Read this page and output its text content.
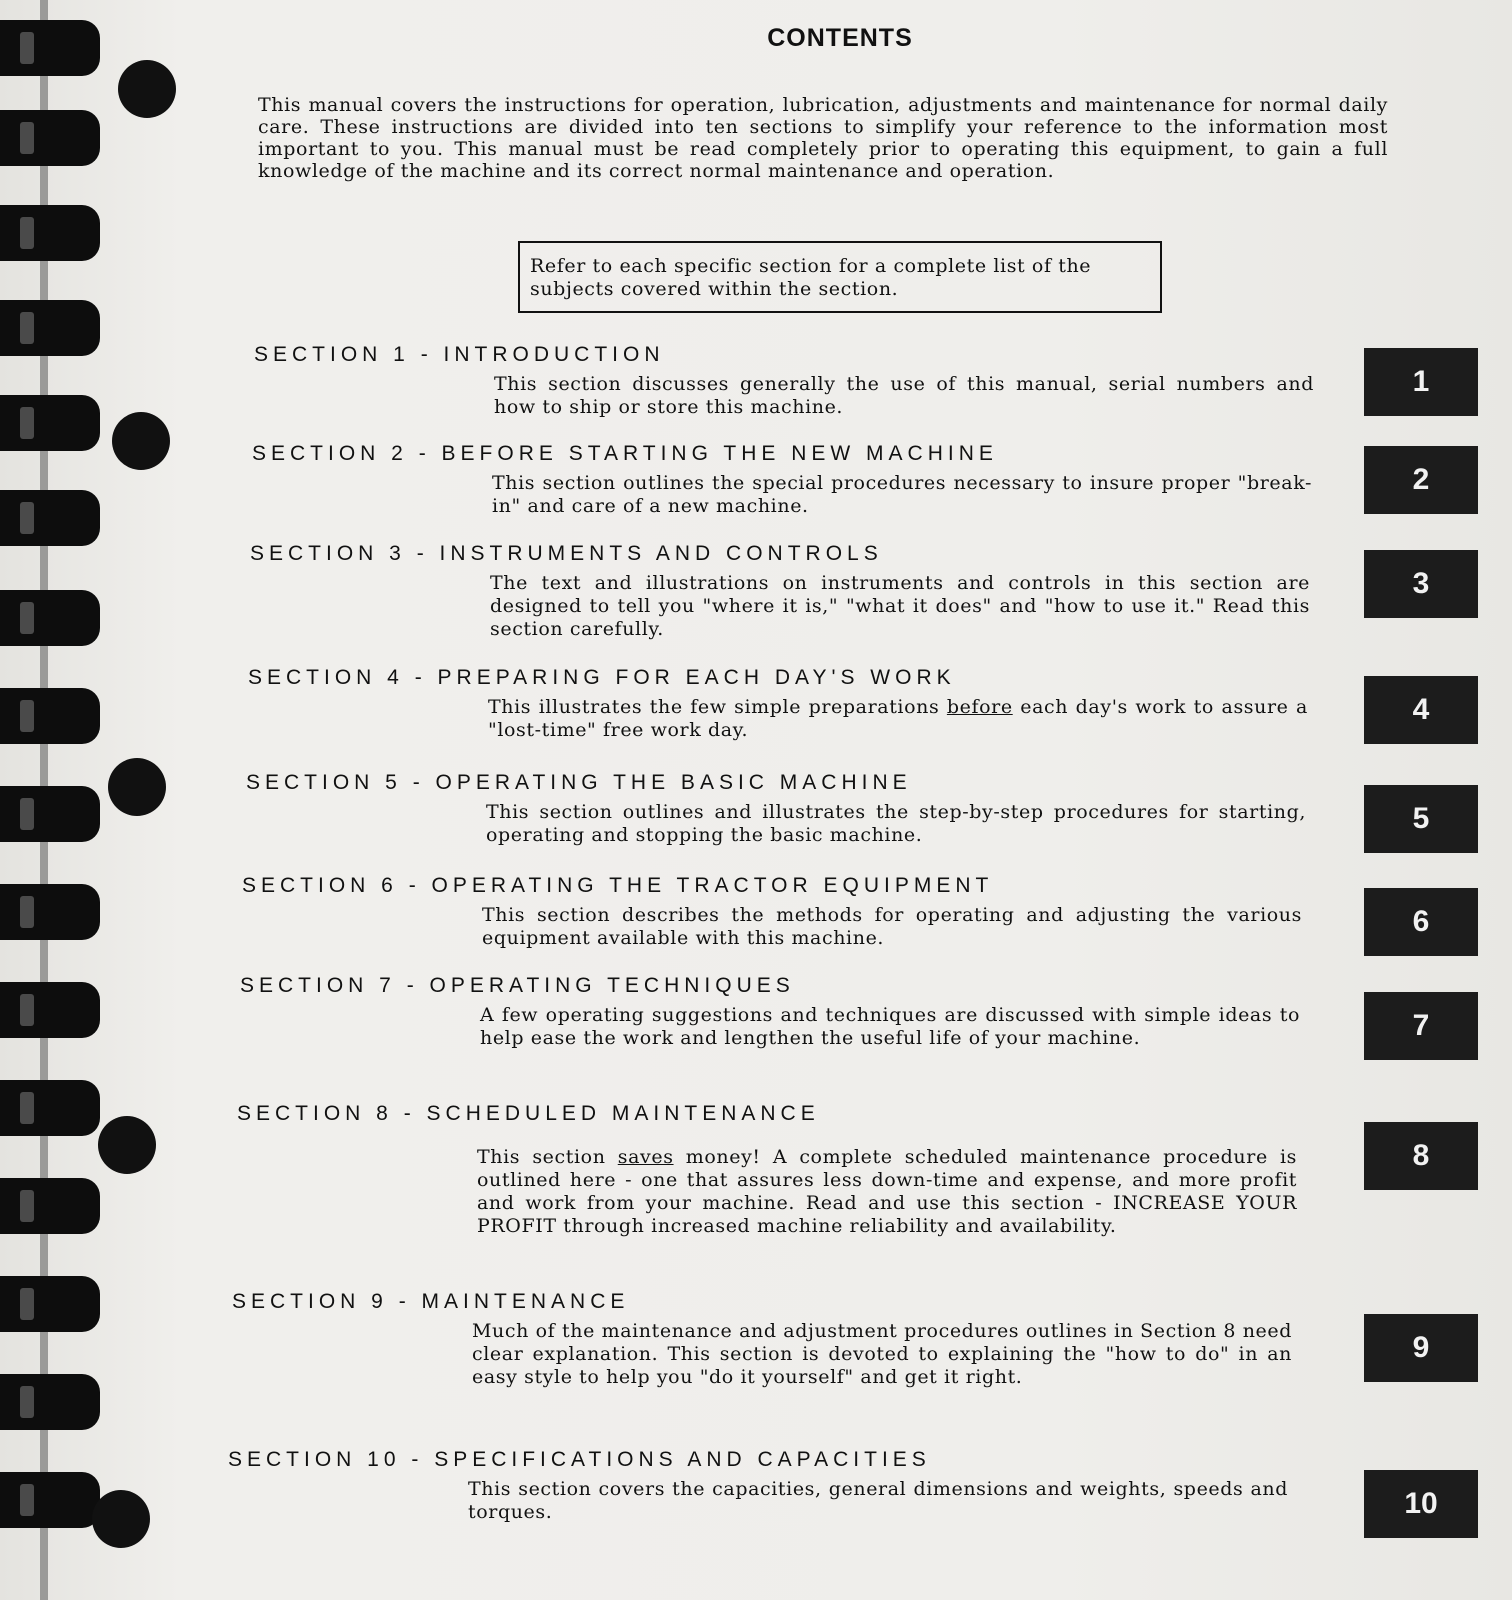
CONTENTS
This manual covers the instructions for operation, lubrication, adjustments and maintenance for normal daily care. These instructions are divided into ten sections to simplify your reference to the information most important to you. This manual must be read completely prior to operating this equipment, to gain a full knowledge of the machine and its correct normal maintenance and operation.
Refer to each specific section for a complete list of the subjects covered within the section.
SECTION 1 - INTRODUCTION
This section discusses generally the use of this manual, serial numbers and how to ship or store this machine.
SECTION 2 - BEFORE STARTING THE NEW MACHINE
This section outlines the special procedures necessary to insure proper "break-in" and care of a new machine.
SECTION 3 - INSTRUMENTS AND CONTROLS
The text and illustrations on instruments and controls in this section are designed to tell you "where it is," "what it does" and "how to use it." Read this section carefully.
SECTION 4 - PREPARING FOR EACH DAY'S WORK
This illustrates the few simple preparations before each day's work to assure a "lost-time" free work day.
SECTION 5 - OPERATING THE BASIC MACHINE
This section outlines and illustrates the step-by-step procedures for starting, operating and stopping the basic machine.
SECTION 6 - OPERATING THE TRACTOR EQUIPMENT
This section describes the methods for operating and adjusting the various equipment available with this machine.
SECTION 7 - OPERATING TECHNIQUES
A few operating suggestions and techniques are discussed with simple ideas to help ease the work and lengthen the useful life of your machine.
SECTION 8 - SCHEDULED MAINTENANCE
This section saves money! A complete scheduled maintenance procedure is outlined here - one that assures less down-time and expense, and more profit and work from your machine. Read and use this section - INCREASE YOUR PROFIT through increased machine reliability and availability.
SECTION 9 - MAINTENANCE
Much of the maintenance and adjustment procedures outlines in Section 8 need clear explanation. This section is devoted to explaining the "how to do" in an easy style to help you "do it yourself" and get it right.
SECTION 10 - SPECIFICATIONS AND CAPACITIES
This section covers the capacities, general dimensions and weights, speeds and torques.
1
2
3
4
5
6
7
8
9
10
